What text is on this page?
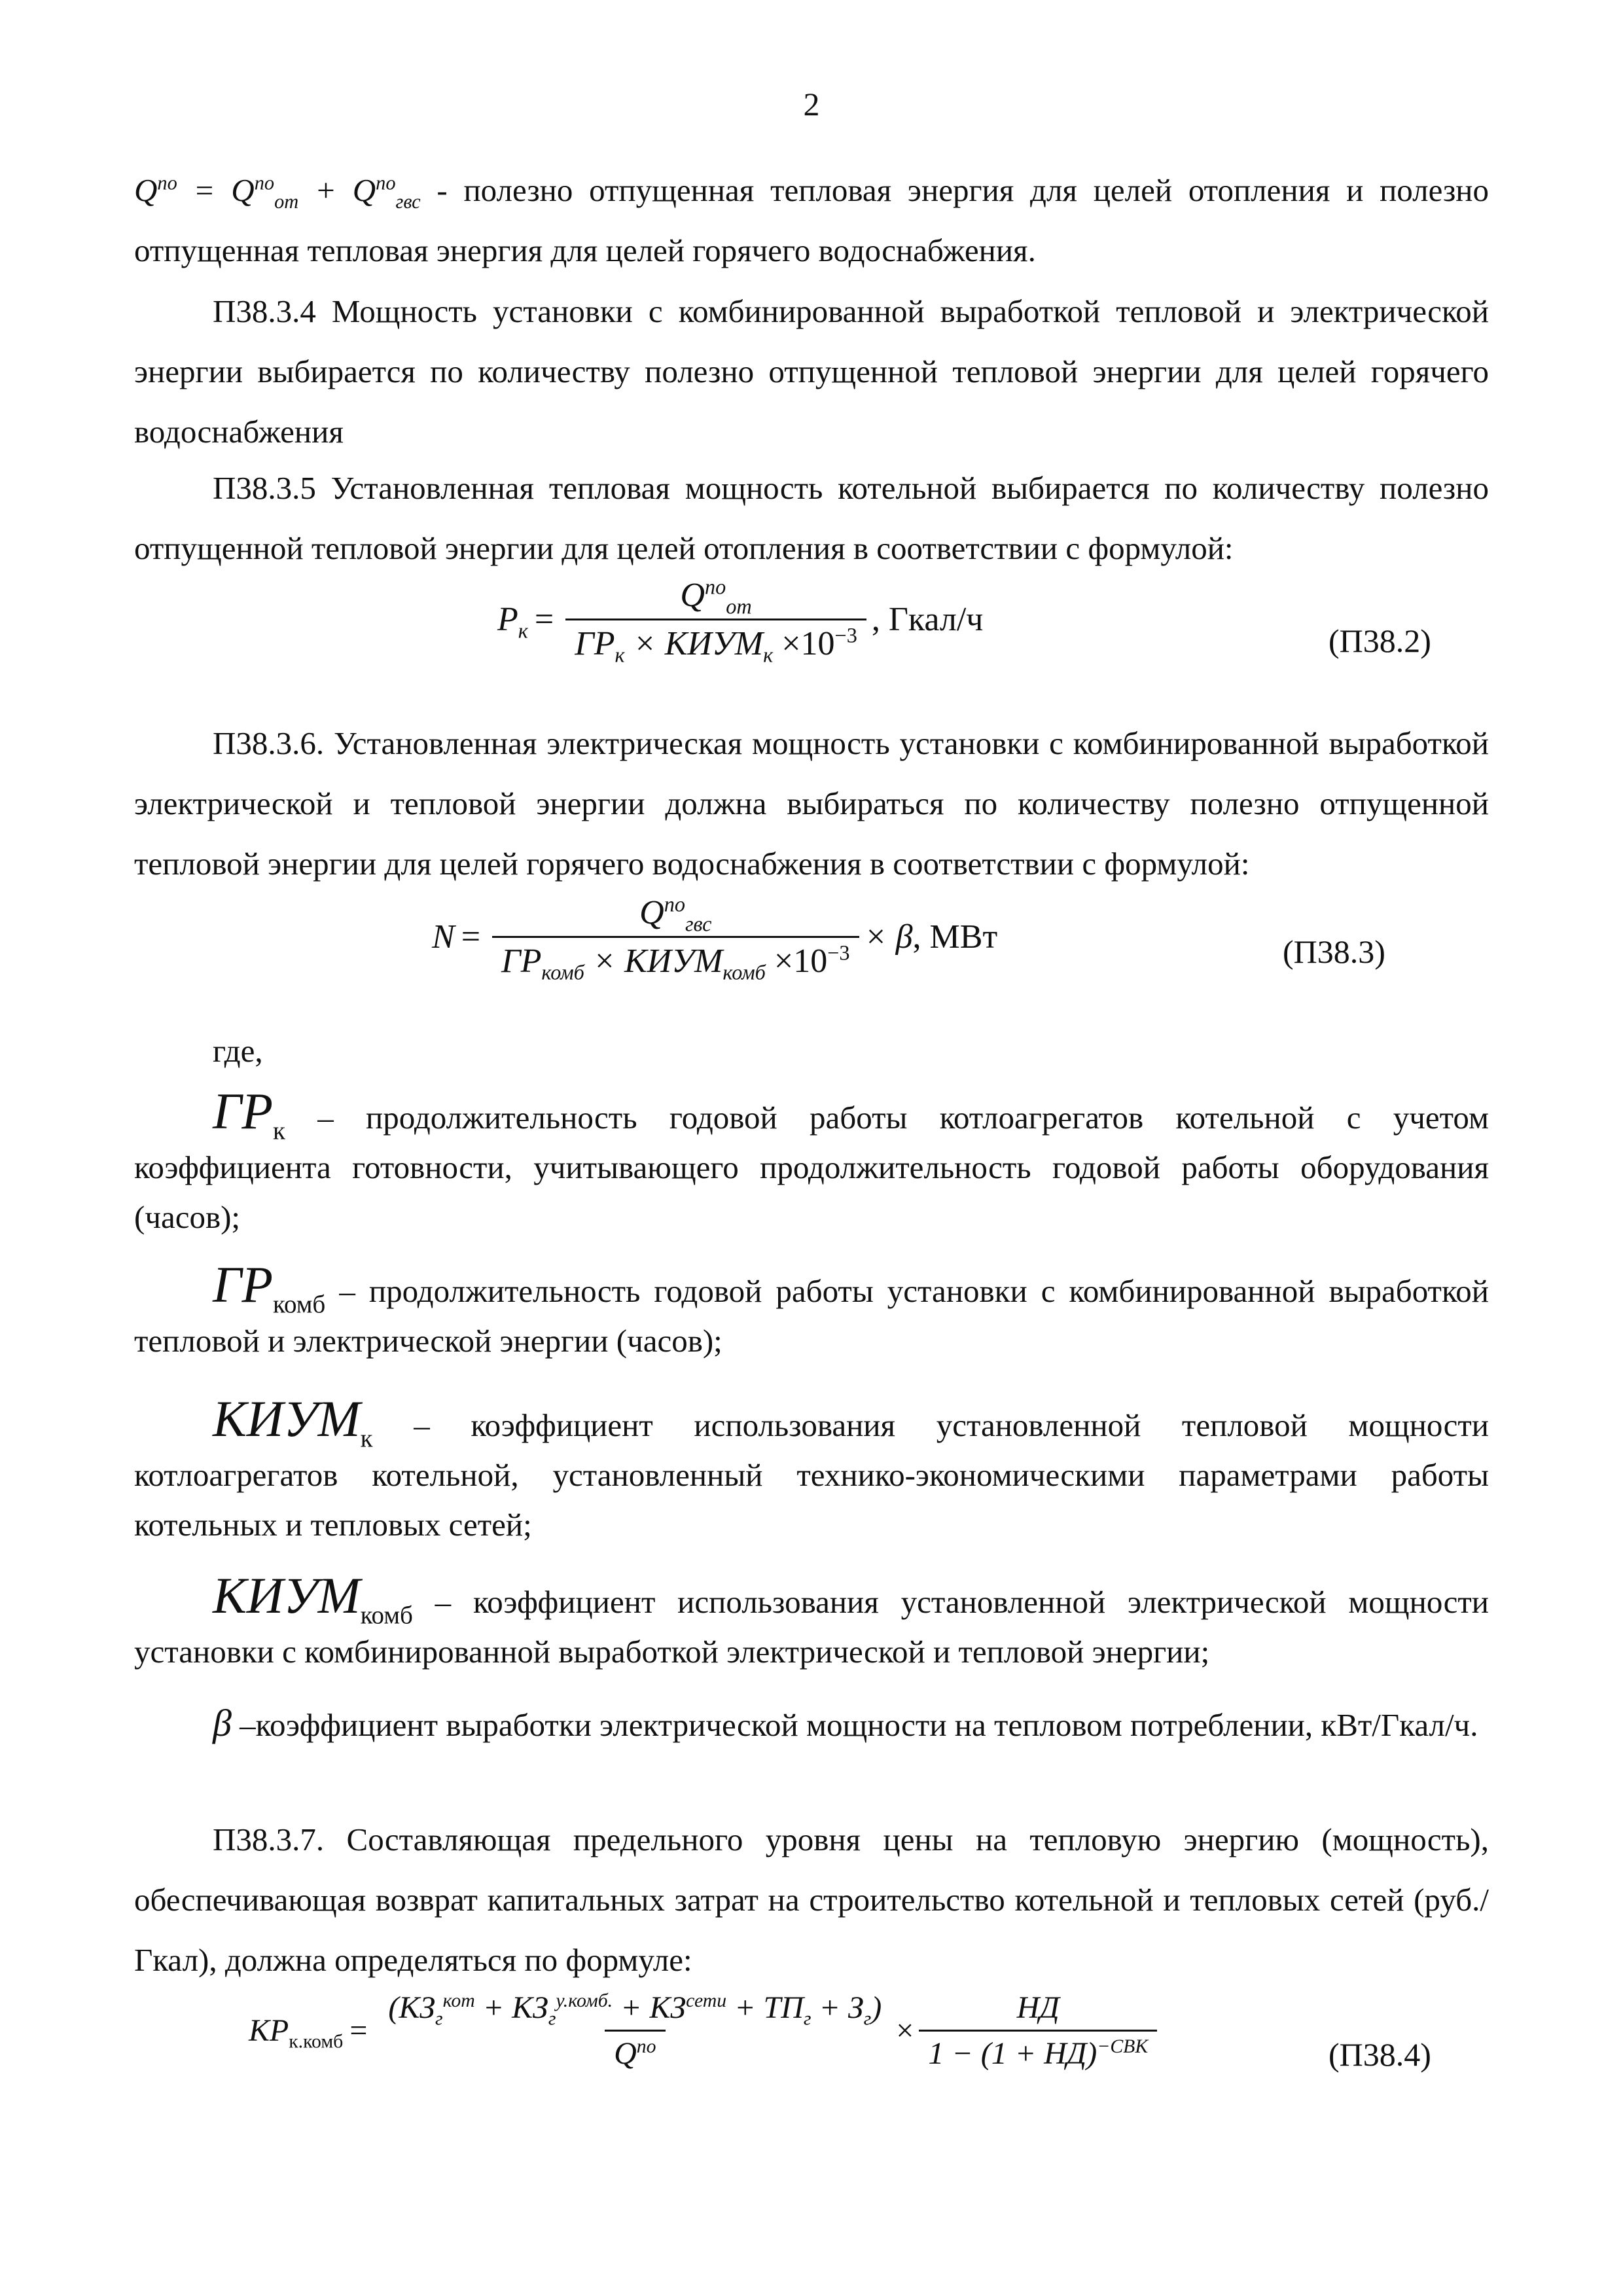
2

$Q^{по} = Q^{по}_{от} + Q^{по}_{гвс}$ - полезно отпущенная тепловая энергия для целей отопления и полезно отпущенная тепловая энергия для целей горячего водоснабжения.

П38.3.4 Мощность установки с комбинированной выработкой тепловой и электрической энергии выбирается по количеству полезно отпущенной тепловой энергии для целей горячего водоснабжения

П38.3.5 Установленная тепловая мощность котельной выбирается по количеству полезно отпущенной тепловой энергии для целей отопления в соответствии с формулой:

$P_к = \frac{Q^{по}_{от}}{ГР_к \times КИУМ_к \times 10^{-3}}$ , Гкал/ч
(П38.2)

П38.3.6. Установленная электрическая мощность установки с комбинированной выработкой электрической и тепловой энергии должна выбираться по количеству полезно отпущенной тепловой энергии для целей горячего водоснабжения в соответствии с формулой:

$N = \frac{Q^{по}_{гвс}}{ГР_{комб} \times КИУМ_{комб} \times 10^{-3}} \times \beta$ , МВт	(П38.3)

где,

$ГР_к$ – продолжительность годовой работы котлоагрегатов котельной с учетом коэффициента готовности, учитывающего продолжительность годовой работы оборудования (часов);

$ГР_{комб}$ – продолжительность годовой работы установки с комбинированной выработкой тепловой и электрической энергии (часов);

$КИУМ_к$ – коэффициент использования установленной тепловой мощности котлоагрегатов котельной, установленный технико-экономическими параметрами работы котельных и тепловых сетей;

$КИУМ_{комб}$ – коэффициент использования установленной электрической мощности установки с комбинированной выработкой электрической и тепловой энергии;

β –коэффициент выработки электрической мощности на тепловом потреблении, кВт/Гкал/ч.

П38.3.7. Составляющая предельного уровня цены на тепловую энергию (мощность), обеспечивающая возврат капитальных затрат на строительство котельной и тепловых сетей (руб./Гкал), должна определяться по формуле:

$КР_{к.комб} = \frac{(КЗ_г^{кот} + КЗ_г^{у.комб.} + КЗ^{сети} + ТП_г + З_г)}{Q^{по}} \times \frac{НД}{1 - (1 + НД)^{-СВК}}$	(П38.4)
